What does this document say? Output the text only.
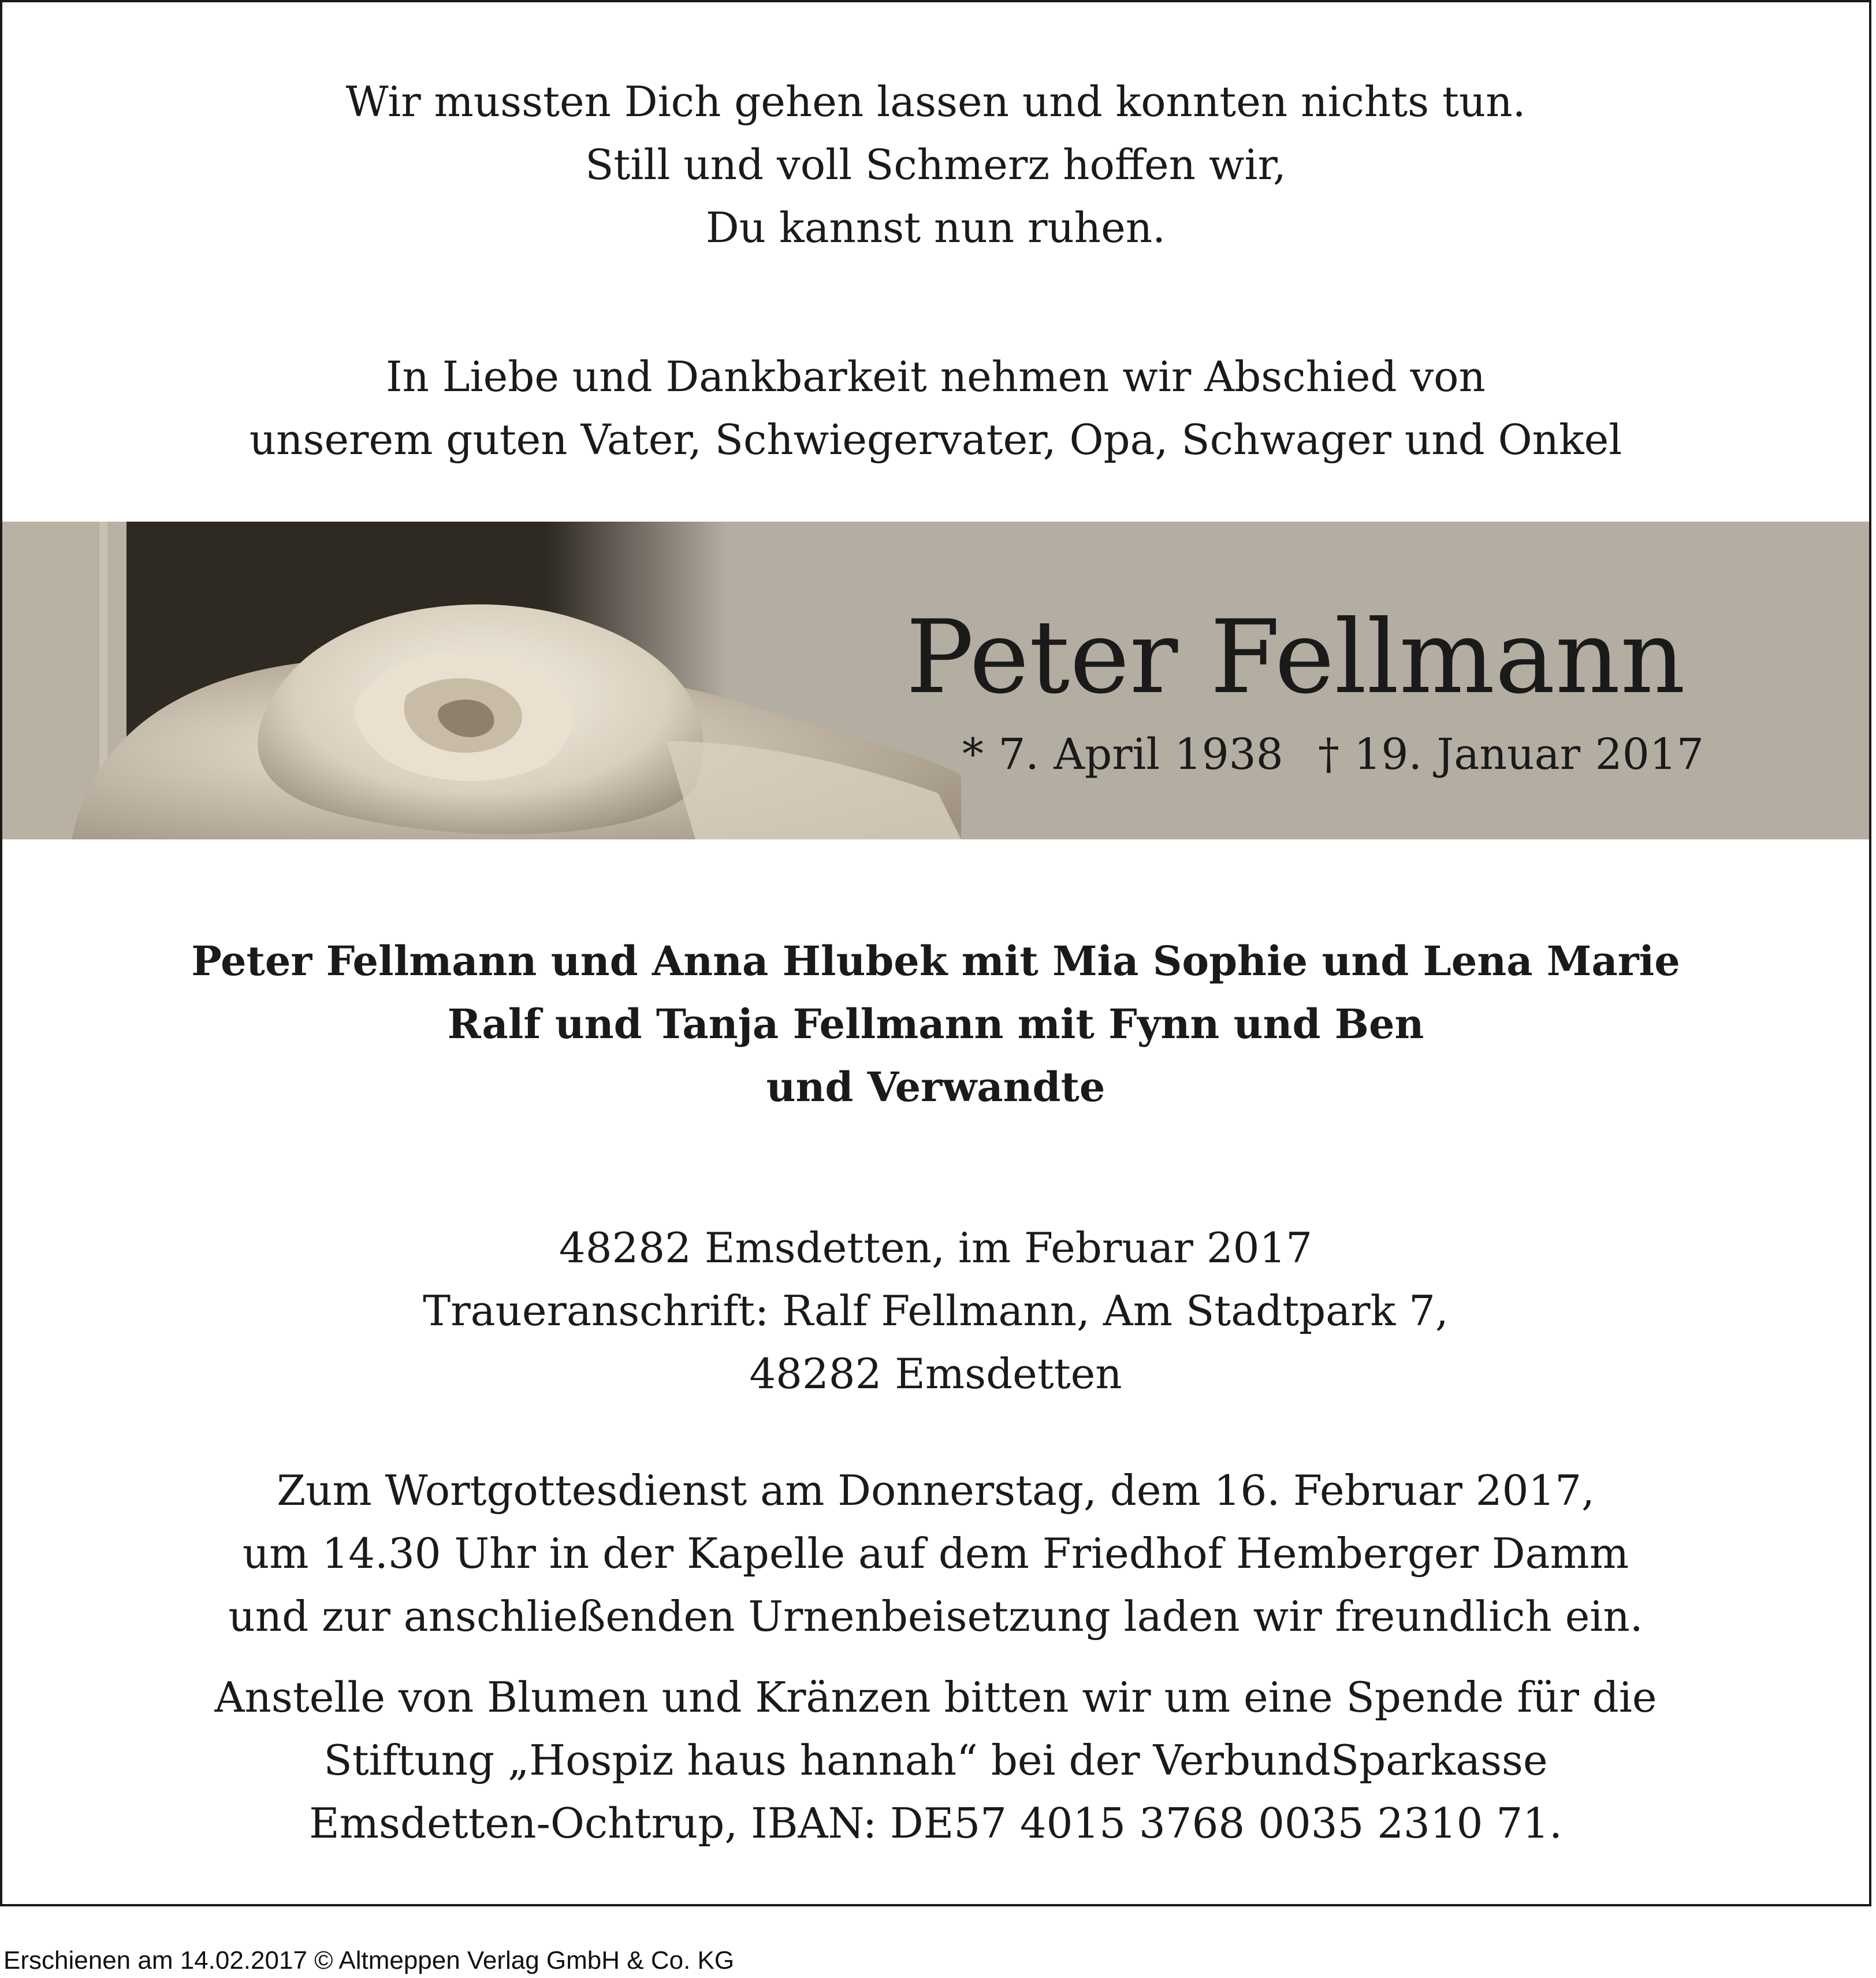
Wir mussten Dich gehen lassen und konnten nichts tun.
Still und voll Schmerz hoffen wir,
Du kannst nun ruhen.
In Liebe und Dankbarkeit nehmen wir Abschied von
unserem guten Vater, Schwiegervater, Opa, Schwager und Onkel
Peter Fellmann
* 7. April 1938 † 19. Januar 2017
Peter Fellmann und Anna Hlubek mit Mia Sophie und Lena Marie
Ralf und Tanja Fellmann mit Fynn und Ben
und Verwandte
48282 Emsdetten, im Februar 2017
Traueranschrift: Ralf Fellmann, Am Stadtpark 7,
48282 Emsdetten
Zum Wortgottesdienst am Donnerstag, dem 16. Februar 2017,
um 14.30 Uhr in der Kapelle auf dem Friedhof Hemberger Damm
und zur anschließenden Urnenbeisetzung laden wir freundlich ein.
Anstelle von Blumen und Kränzen bitten wir um eine Spende für die
Stiftung „Hospiz haus hannah“ bei der VerbundSparkasse
Emsdetten-Ochtrup, IBAN: DE57 4015 3768 0035 2310 71.
Erschienen am 14.02.2017 © Altmeppen Verlag GmbH & Co. KG
